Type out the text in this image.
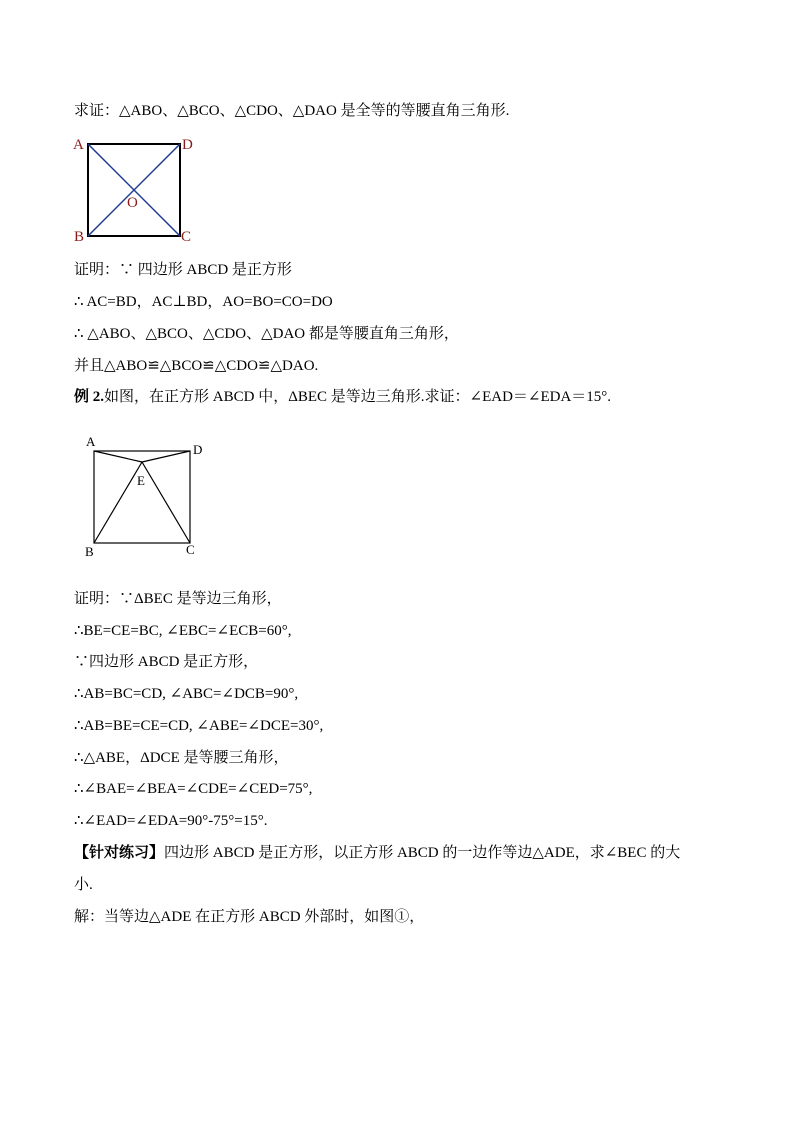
求证：△ABO、△BCO、△CDO、△DAO 是全等的等腰直角三角形.
A	D
B	C
O
证明：∵ 四边形 ABCD 是正方形
∴ AC=BD，AC⊥BD，AO=BO=CO=DO
∴ △ABO、△BCO、△CDO、△DAO 都是等腰直角三角形，
并且△ABO≌△BCO≌△CDO≌△DAO.
例 2.如图，在正方形 ABCD 中，ΔBEC 是等边三角形.求证：∠EAD＝∠EDA＝15°.
A
D
E
B	C
证明：∵ΔBEC 是等边三角形，
∴BE=CE=BC, ∠EBC=∠ECB=60°,
∵四边形 ABCD 是正方形，
∴AB=BC=CD, ∠ABC=∠DCB=90°,
∴AB=BE=CE=CD, ∠ABE=∠DCE=30°,
∴△ABE，ΔDCE 是等腰三角形，
∴∠BAE=∠BEA=∠CDE=∠CED=75°,
∴∠EAD=∠EDA=90°-75°=15°.
【针对练习】四边形 ABCD 是正方形，以正方形 ABCD 的一边作等边△ADE，求∠BEC 的大
小.
解：当等边△ADE 在正方形 ABCD 外部时，如图①，
